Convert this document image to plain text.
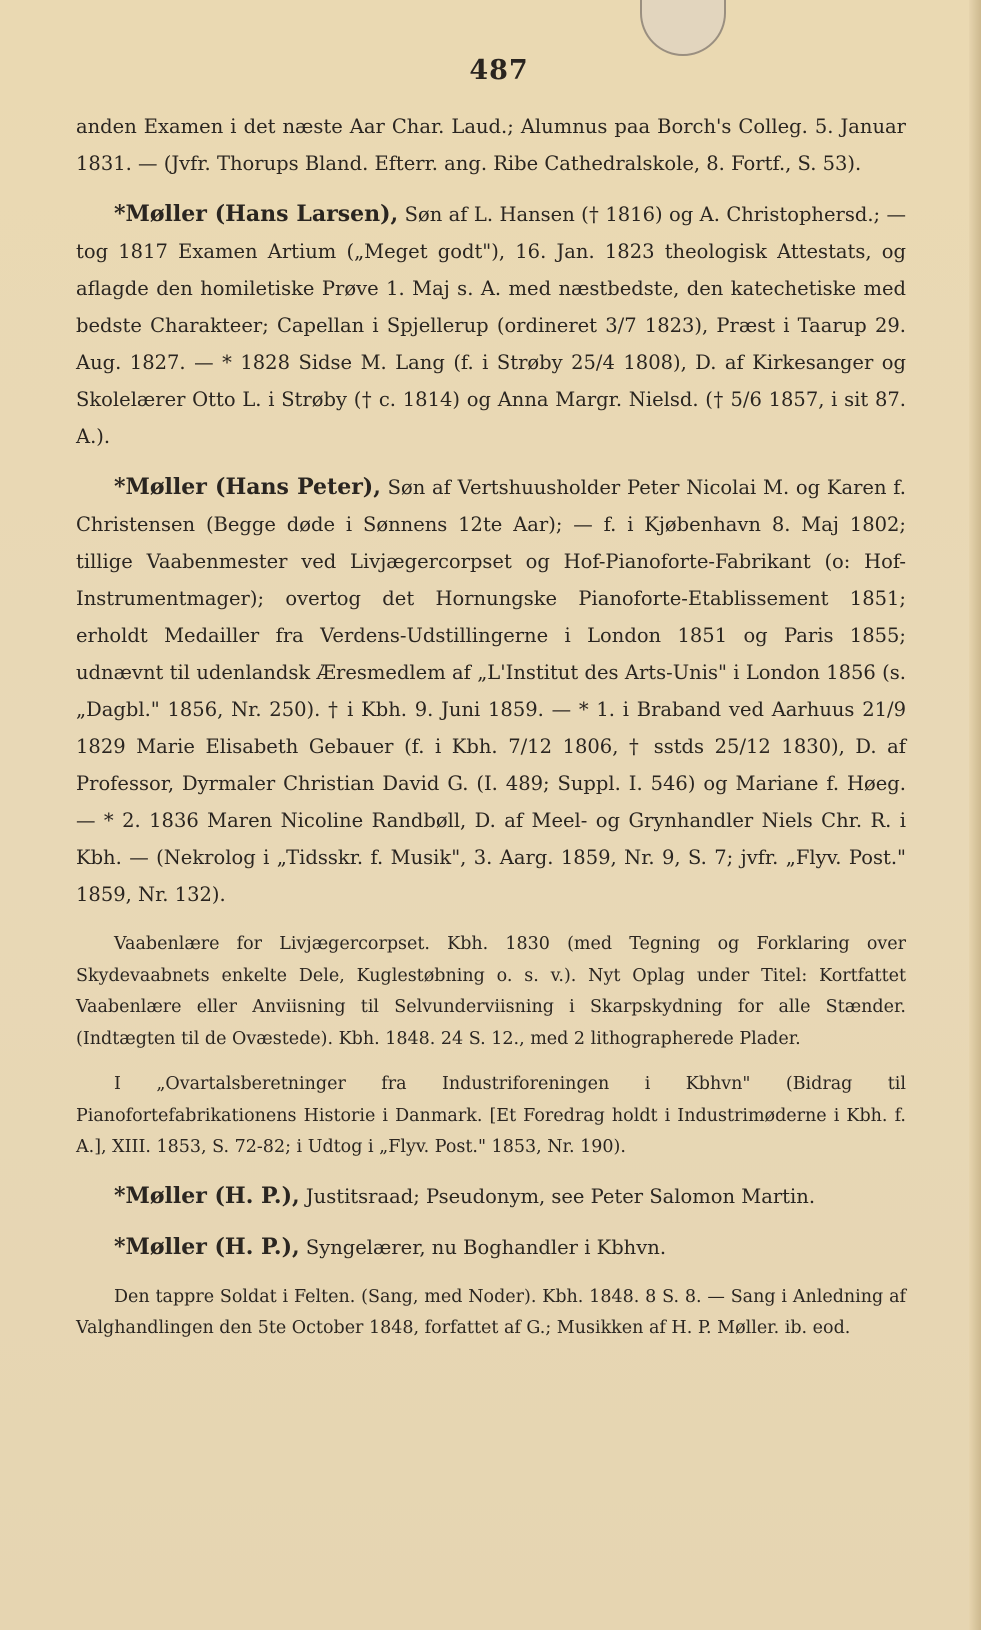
487

anden Examen i det næste Aar Char. Laud.; Alumnus paa Borch's Colleg. 5. Januar 1831. — (Jvfr. Thorups Bland. Efterr. ang. Ribe Cathedralskole, 8. Fortf., S. 53).

*Møller (Hans Larsen), Søn af L. Hansen († 1816) og A. Christophersd.; — tog 1817 Examen Artium („Meget godt"), 16. Jan. 1823 theologisk Attestats, og aflagde den homiletiske Prøve 1. Maj s. A. med næstbedste, den katechetiske med bedste Charakteer; Capellan i Spjellerup (ordineret 3/7 1823), Præst i Taarup 29. Aug. 1827. — * 1828 Sidse M. Lang (f. i Strøby 25/4 1808), D. af Kirkesanger og Skolelærer Otto L. i Strøby († c. 1814) og Anna Margr. Nielsd. († 5/6 1857, i sit 87. A.).

*Møller (Hans Peter), Søn af Vertshuusholder Peter Nicolai M. og Karen f. Christensen (Begge døde i Sønnens 12te Aar); — f. i Kjøbenhavn 8. Maj 1802; tillige Vaabenmester ved Livjægercorpset og Hof-Pianoforte-Fabrikant (o: Hof-Instrumentmager); overtog det Hornungske Pianoforte-Etablissement 1851; erholdt Medailler fra Verdens-Udstillingerne i London 1851 og Paris 1855; udnævnt til udenlandsk Æresmedlem af „L'Institut des Arts-Unis" i London 1856 (s. „Dagbl." 1856, Nr. 250). † i Kbh. 9. Juni 1859. — * 1. i Braband ved Aarhuus 21/9 1829 Marie Elisabeth Gebauer (f. i Kbh. 7/12 1806, † sstds 25/12 1830), D. af Professor, Dyrmaler Christian David G. (I. 489; Suppl. I. 546) og Mariane f. Høeg. — * 2. 1836 Maren Nicoline Randbøll, D. af Meel- og Grynhandler Niels Chr. R. i Kbh. — (Nekrolog i „Tidsskr. f. Musik", 3. Aarg. 1859, Nr. 9, S. 7; jvfr. „Flyv. Post." 1859, Nr. 132).

Vaabenlære for Livjægercorpset. Kbh. 1830 (med Tegning og Forklaring over Skydevaabnets enkelte Dele, Kuglestøbning o. s. v.). Nyt Oplag under Titel: Kortfattet Vaabenlære eller Anviisning til Selvunderviisning i Skarpskydning for alle Stænder. (Indtægten til de Ovæstede). Kbh. 1848. 24 S. 12., med 2 lithographerede Plader.

I „Ovartalsberetninger fra Industriforeningen i Kbhvn" (Bidrag til Pianofortefabrikationens Historie i Danmark. [Et Foredrag holdt i Industrimøderne i Kbh. f. A.], XIII. 1853, S. 72-82; i Udtog i „Flyv. Post." 1853, Nr. 190).

*Møller (H. P.), Justitsraad; Pseudonym, see Peter Salomon Martin.

*Møller (H. P.), Syngelærer, nu Boghandler i Kbhvn.

Den tappre Soldat i Felten. (Sang, med Noder). Kbh. 1848. 8 S. 8. — Sang i Anledning af Valghandlingen den 5te October 1848, forfattet af G.; Musikken af H. P. Møller. ib. eod.
